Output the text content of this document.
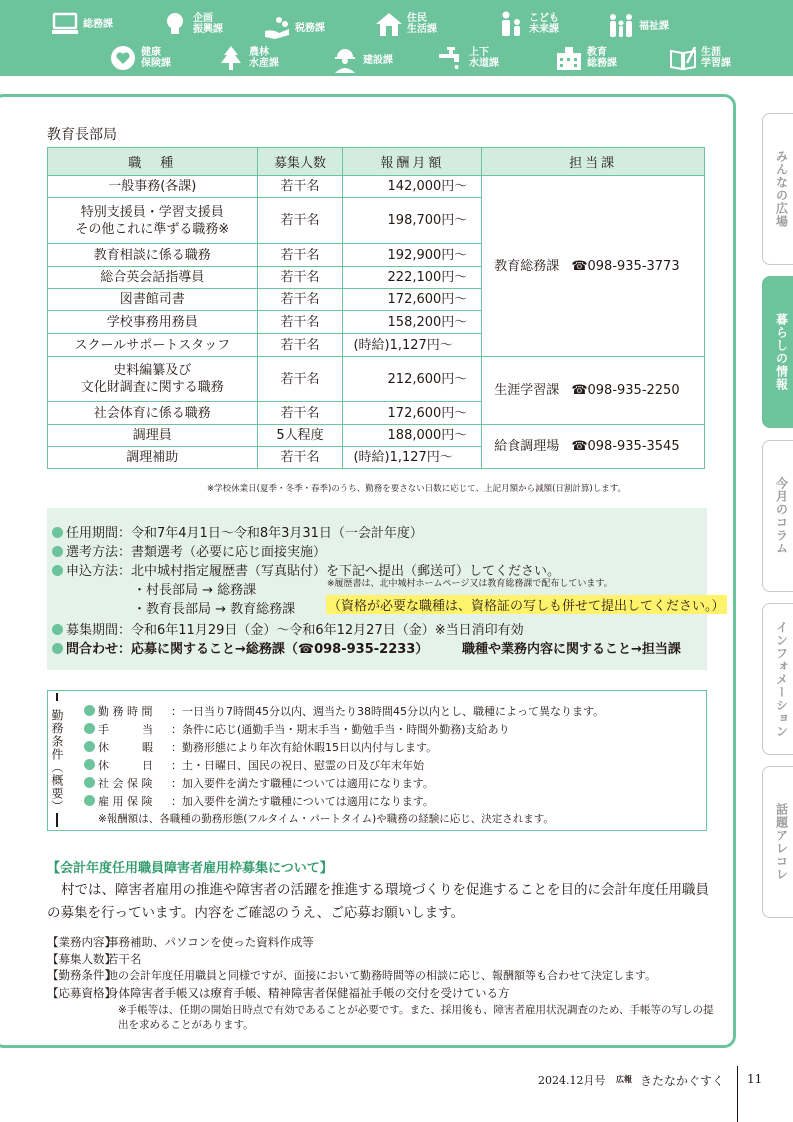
総務課	企画
振興課	税務課
住民
生活課
こども
未来課	福祉課
健康
保険課
農林
水産課	建設課
上下
水道課
教育
総務課
生涯
学習課
みんなの広場
暮らしの情報
今月のコラム
インフォメーション
話題アレコレ
教育長部局
職　種	募集人数	報酬月額	担当課
一般事務(各課)	若干名	142,000円〜	教育総務課 ☎098-935-3773
特別支援員・学習支援員
その他これに準ずる職務※	若干名	198,700円〜	
教育相談に係る職務	若干名	192,900円〜	
総合英会話指導員	若干名	222,100円〜	
図書館司書	若干名	172,600円〜	
学校事務用務員	若干名	158,200円〜	
スクールサポートスタッフ	若干名	(時給)1,127円〜	
史料編纂及び
文化財調査に関する職務	若干名	212,600円〜	生涯学習課 ☎098-935-2250
社会体育に係る職務	若干名	172,600円〜	
調理員	5人程度	188,000円〜	給食調理場 ☎098-935-3545
調理補助	若干名	(時給)1,127円〜	
※学校休業日(夏季・冬季・春季)のうち、勤務を要さない日数に応じて、上記月額から減額(日割計算)します。
任用期間：令和7年4月1日〜令和8年3月31日（一会計年度）
選考方法：書類選考（必要に応じ面接実施）
申込方法：北中城村指定履歴書（写真貼付）を下記へ提出（郵送可）してください。
・村長部局 → 総務課	※履歴書は、北中城村ホームページ又は教育総務課で配布しています。
・教育長部局 → 教育総務課	（資格が必要な職種は、資格証の写しも併せて提出してください。）
募集期間：令和6年11月29日（金）〜令和6年12月27日（金）※当日消印有効
問合わせ：応募に関すること→総務課（☎098-935-2233）	職種や業務内容に関すること→担当課
勤務条件（概要）	勤 務 時 間 ：一日当り7時間45分以内、週当たり38時間45分以内とし、職種によって異なります。
手　　　当 ：条件に応じ(通勤手当・期末手当・勤勉手当・時間外勤務)支給あり
休　　　暇 ：勤務形態により年次有給休暇15日以内付与します。
休　　　日 ：土・日曜日、国民の祝日、慰霊の日及び年末年始
社 会 保 険 ：加入要件を満たす職種については適用になります。
雇 用 保 険 ：加入要件を満たす職種については適用になります。
※報酬額は、各職種の勤務形態(フルタイム・パートタイム)や職務の経験に応じ、決定されます。
【会計年度任用職員障害者雇用枠募集について】
村では、障害者雇用の推進や障害者の活躍を推進する環境づくりを促進することを目的に会計年度任用職員の募集を行っています。内容をご確認のうえ、ご応募お願いします。
【業務内容】事務補助、パソコンを使った資料作成等
【募集人数】若干名
【勤務条件】他の会計年度任用職員と同様ですが、面接において勤務時間等の相談に応じ、報酬額等も合わせて決定します。
【応募資格】身体障害者手帳又は療育手帳、精神障害者保健福祉手帳の交付を受けている方
※手帳等は、任期の開始日時点で有効であることが必要です。また、採用後も、障害者雇用状況調査のため、手帳等の写しの提出を求めることがあります。
2024.12月号 広報 きたなかぐすく 11
